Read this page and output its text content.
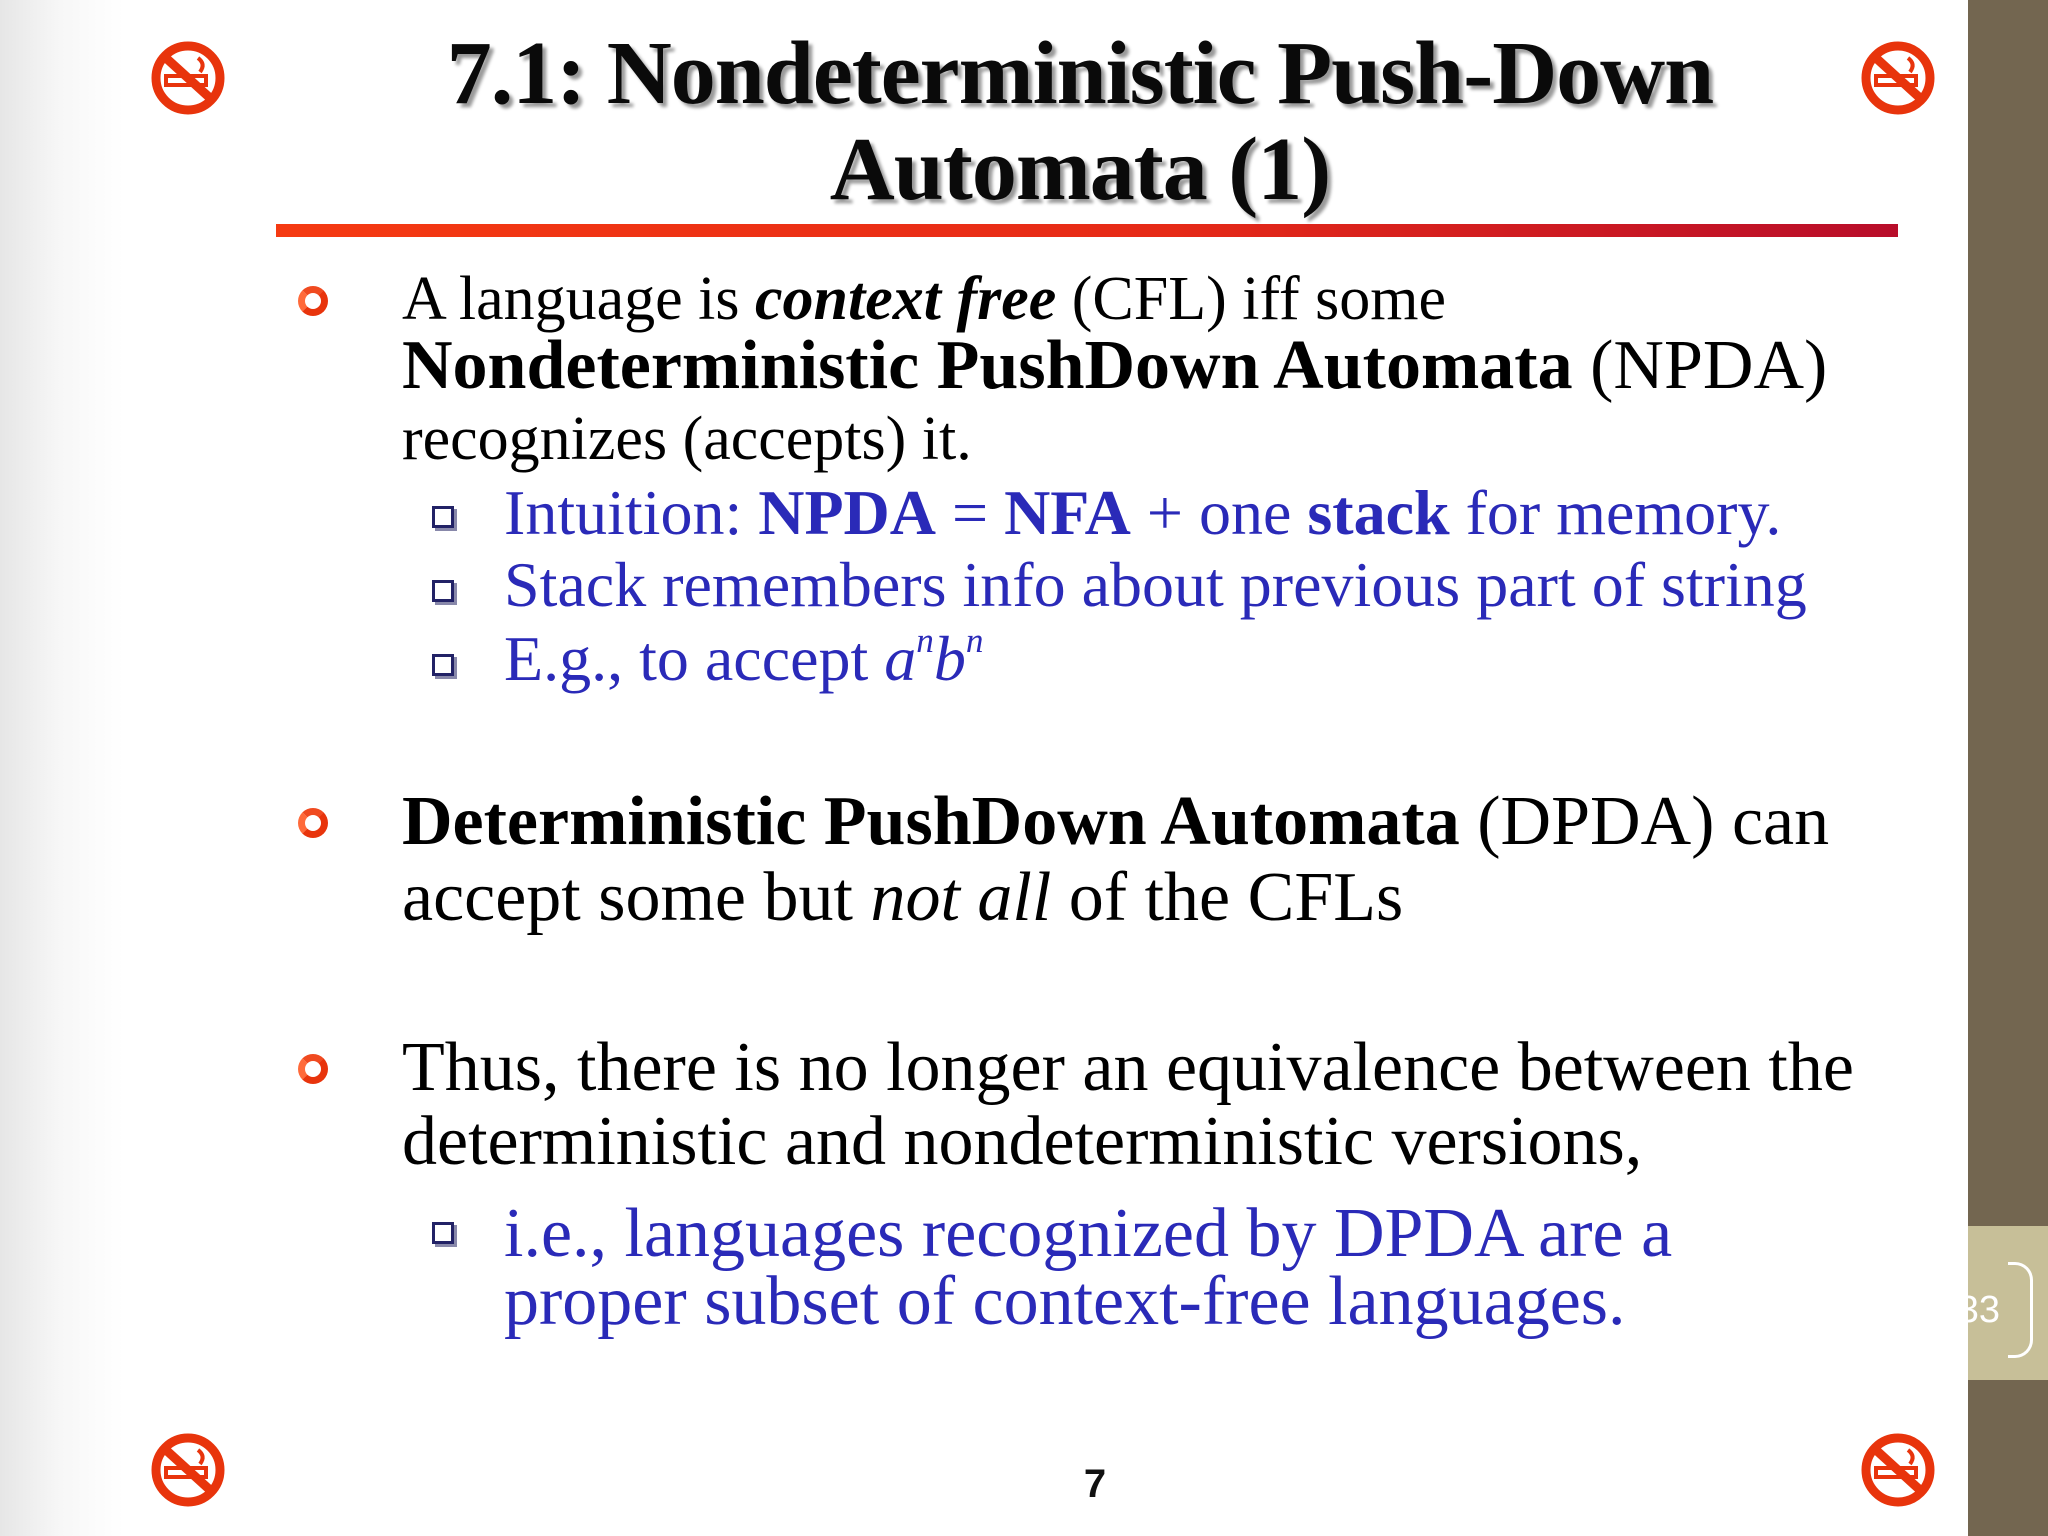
33
7.1: Nondeterministic Push-Down
Automata (1)
A language is context free (CFL) iff some
Nondeterministic PushDown Automata (NPDA)
recognizes (accepts) it.
Intuition: NPDA = NFA + one stack for memory.
Stack remembers info about previous part of string
E.g., to accept $a^nb^n$
Deterministic PushDown Automata (DPDA) can
accept some but not all of the CFLs
Thus, there is no longer an equivalence between the
deterministic and nondeterministic versions,
i.e., languages recognized by DPDA are a
proper subset of context-free languages.
7
